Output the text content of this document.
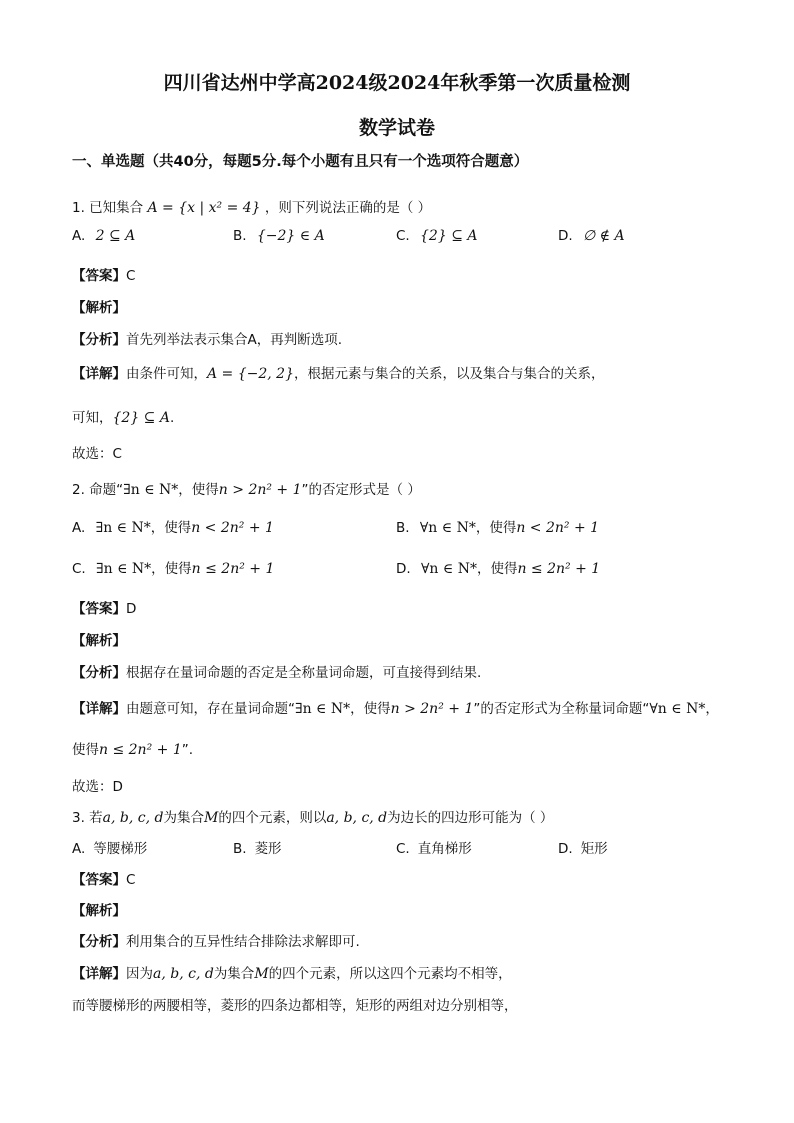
四川省达州中学高2024级2024年秋季第一次质量检测
数学试卷
一、单选题（共40分，每题5分.每个小题有且只有一个选项符合题意）
1. 已知集合 A = {x | x² = 4} ，则下列说法正确的是（ ）
A. 2 ⊆ A	B. {−2} ∈ A	C. {2} ⊆ A	D. ∅ ∉ A
【答案】C
【解析】
【分析】首先列举法表示集合A，再判断选项.
【详解】由条件可知，A = {−2, 2}，根据元素与集合的关系，以及集合与集合的关系，
可知，{2} ⊆ A.
故选：C
2. 命题“∃n ∈ N*，使得n > 2n² + 1”的否定形式是（ ）
A. ∃n ∈ N*，使得n < 2n² + 1	B. ∀n ∈ N*，使得n < 2n² + 1
C. ∃n ∈ N*，使得n ≤ 2n² + 1	D. ∀n ∈ N*，使得n ≤ 2n² + 1
【答案】D
【解析】
【分析】根据存在量词命题的否定是全称量词命题，可直接得到结果.
【详解】由题意可知，存在量词命题“∃n ∈ N*，使得n > 2n² + 1”的否定形式为全称量词命题“∀n ∈ N*，
使得n ≤ 2n² + 1”.
故选：D
3. 若a, b, c, d为集合M的四个元素，则以a, b, c, d为边长的四边形可能为（ ）
A. 等腰梯形	B. 菱形	C. 直角梯形	D. 矩形
【答案】C
【解析】
【分析】利用集合的互异性结合排除法求解即可.
【详解】因为a, b, c, d为集合M的四个元素，所以这四个元素均不相等，
而等腰梯形的两腰相等，菱形的四条边都相等，矩形的两组对边分别相等，
